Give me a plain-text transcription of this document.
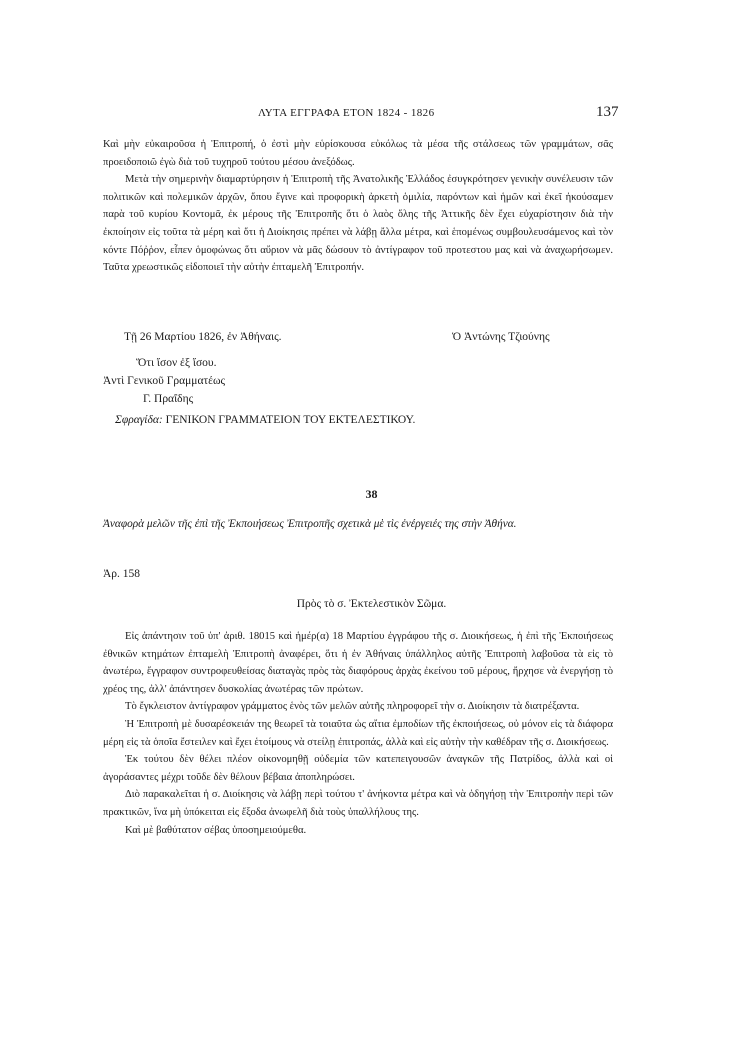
ΛΥΤΑ ΕΓΓΡΑΦΑ ΕΤΟΝ 1824 - 1826	137

Καὶ μὴν εὐκαιροῦσα ἡ Ἐπιτροπή, ὁ ἐστὶ μὴν εὑρίσκουσα εὐκόλως τὰ μέσα τῆς στάλσεως τῶν γραμμάτων, σᾶς προειδοποιῶ ἐγὼ διὰ τοῦ τυχηροῦ τούτου μέσου ἀνεξόδως.

Μετὰ τὴν σημερινὴν διαμαρτύρησιν ἡ Ἐπιτροπὴ τῆς Ἀνατολικῆς Ἑλλάδος ἐσυγκρότησεν γενικὴν συνέλευσιν τῶν πολιτικῶν καὶ πολεμικῶν ἀρχῶν, ὅπου ἔγινε καὶ προφορικὴ ἀρκετὴ ὁμιλία, παρόντων καὶ ἡμῶν καὶ ἐκεῖ ἠκούσαμεν παρὰ τοῦ κυρίου Κοντομᾶ, ἐκ μέρους τῆς Ἐπιτροπῆς ὅτι ὁ λαὸς ὅλης τῆς Ἀττικῆς δὲν ἔχει εὐχαρίστησιν διὰ τὴν ἐκποίησιν εἰς τοῦτα τὰ μέρη καὶ ὅτι ἡ Διοίκησις πρέπει νὰ λάβῃ ἄλλα μέτρα, καὶ ἑπομένως συμβουλευσάμενος καὶ τὸν κόντε Πόῤῥον, εἶπεν ὁμοφώνως ὅτι αὔριον νὰ μᾶς δώσουν τὸ ἀντίγραφον τοῦ προτεστου μας καὶ νὰ ἀναχωρήσωμεν. Ταῦτα χρεωστικῶς εἰδοποιεῖ τὴν αὐτὴν ἐπταμελῆ Ἐπιτροπήν.

Τῇ 26 Μαρτίου 1826, ἐν Ἀθήναις.	Ὁ Ἀντώνης Τζιούνης
Ὅτι ἴσον ἐξ ἴσου.
Ἀντὶ Γενικοῦ Γραμματέως
Γ. Πραΐδης
Σφραγίδα: ΓΕΝΙΚΟΝ ΓΡΑΜΜΑΤΕΙΟΝ ΤΟΥ ΕΚΤΕΛΕΣΤΙΚΟΥ.
38
Ἀναφορὰ μελῶν τῆς ἐπὶ τῆς Ἐκποιήσεως Ἐπιτροπῆς σχετικὰ μὲ τὶς ἐνέργειές της στὴν Ἀθήνα.
Ἀρ. 158
Πρὸς τὸ σ. Ἐκτελεστικὸν Σῶμα.

Εἰς ἀπάντησιν τοῦ ὑπ' ἀριθ. 18015 καὶ ἡμέρ(α) 18 Μαρτίου ἐγγράφου τῆς σ. Διοικήσεως, ἡ ἐπὶ τῆς Ἐκποιήσεως ἐθνικῶν κτημάτων ἐπταμελὴ Ἐπιτροπὴ ἀναφέρει, ὅτι ἡ ἐν Ἀθήναις ὑπάλληλος αὐτῆς Ἐπιτροπὴ λαβοῦσα τὰ εἰς τὸ ἀνωτέρω, ἔγγραφον συντροφευθείσας διαταγὰς πρὸς τὰς διαφόρους ἀρχὰς ἐκείνου τοῦ μέρους, ἤρχησε νὰ ἐνεργήσῃ τὸ χρέος της, ἀλλ' ἀπάντησεν δυσκολίας ἀνωτέρας τῶν πρώτων.

Τὸ ἔγκλειστον ἀντίγραφον γράμματος ἑνὸς τῶν μελῶν αὐτῆς πληροφορεῖ τὴν σ. Διοίκησιν τὰ διατρέξαντα.

Ἡ Ἐπιτροπὴ μὲ δυσαρέσκειάν της θεωρεῖ τὰ τοιαῦτα ὡς αἴτια ἐμποδίων τῆς ἐκποιήσεως, οὐ μόνον εἰς τὰ διάφορα μέρη εἰς τὰ ὁποῖα ἔστειλεν καὶ ἔχει ἑτοίμους νὰ στείλῃ ἐπιτροπάς, ἀλλὰ καὶ εἰς αὐτὴν τὴν καθέδραν τῆς σ. Διοικήσεως.

Ἐκ τούτου δὲν θέλει πλέον οἰκονομηθῇ οὐδεμία τῶν κατεπειγουσῶν ἀναγκῶν τῆς Πατρίδος, ἀλλὰ καὶ οἱ ἀγοράσαντες μέχρι τοῦδε δὲν θέλουν βέβαια ἀποπληρώσει.

Διὸ παρακαλεῖται ἡ σ. Διοίκησις νὰ λάβῃ περὶ τούτου τ' ἀνήκοντα μέτρα καὶ νὰ ὁδηγήσῃ τὴν Ἐπιτροπὴν περὶ τῶν πρακτικῶν, ἵνα μὴ ὑπόκειται εἰς ἔξοδα ἀνωφελῆ διὰ τοὺς ὑπαλλήλους της.

Καὶ μὲ βαθύτατον σέβας ὑποσημειούμεθα.
